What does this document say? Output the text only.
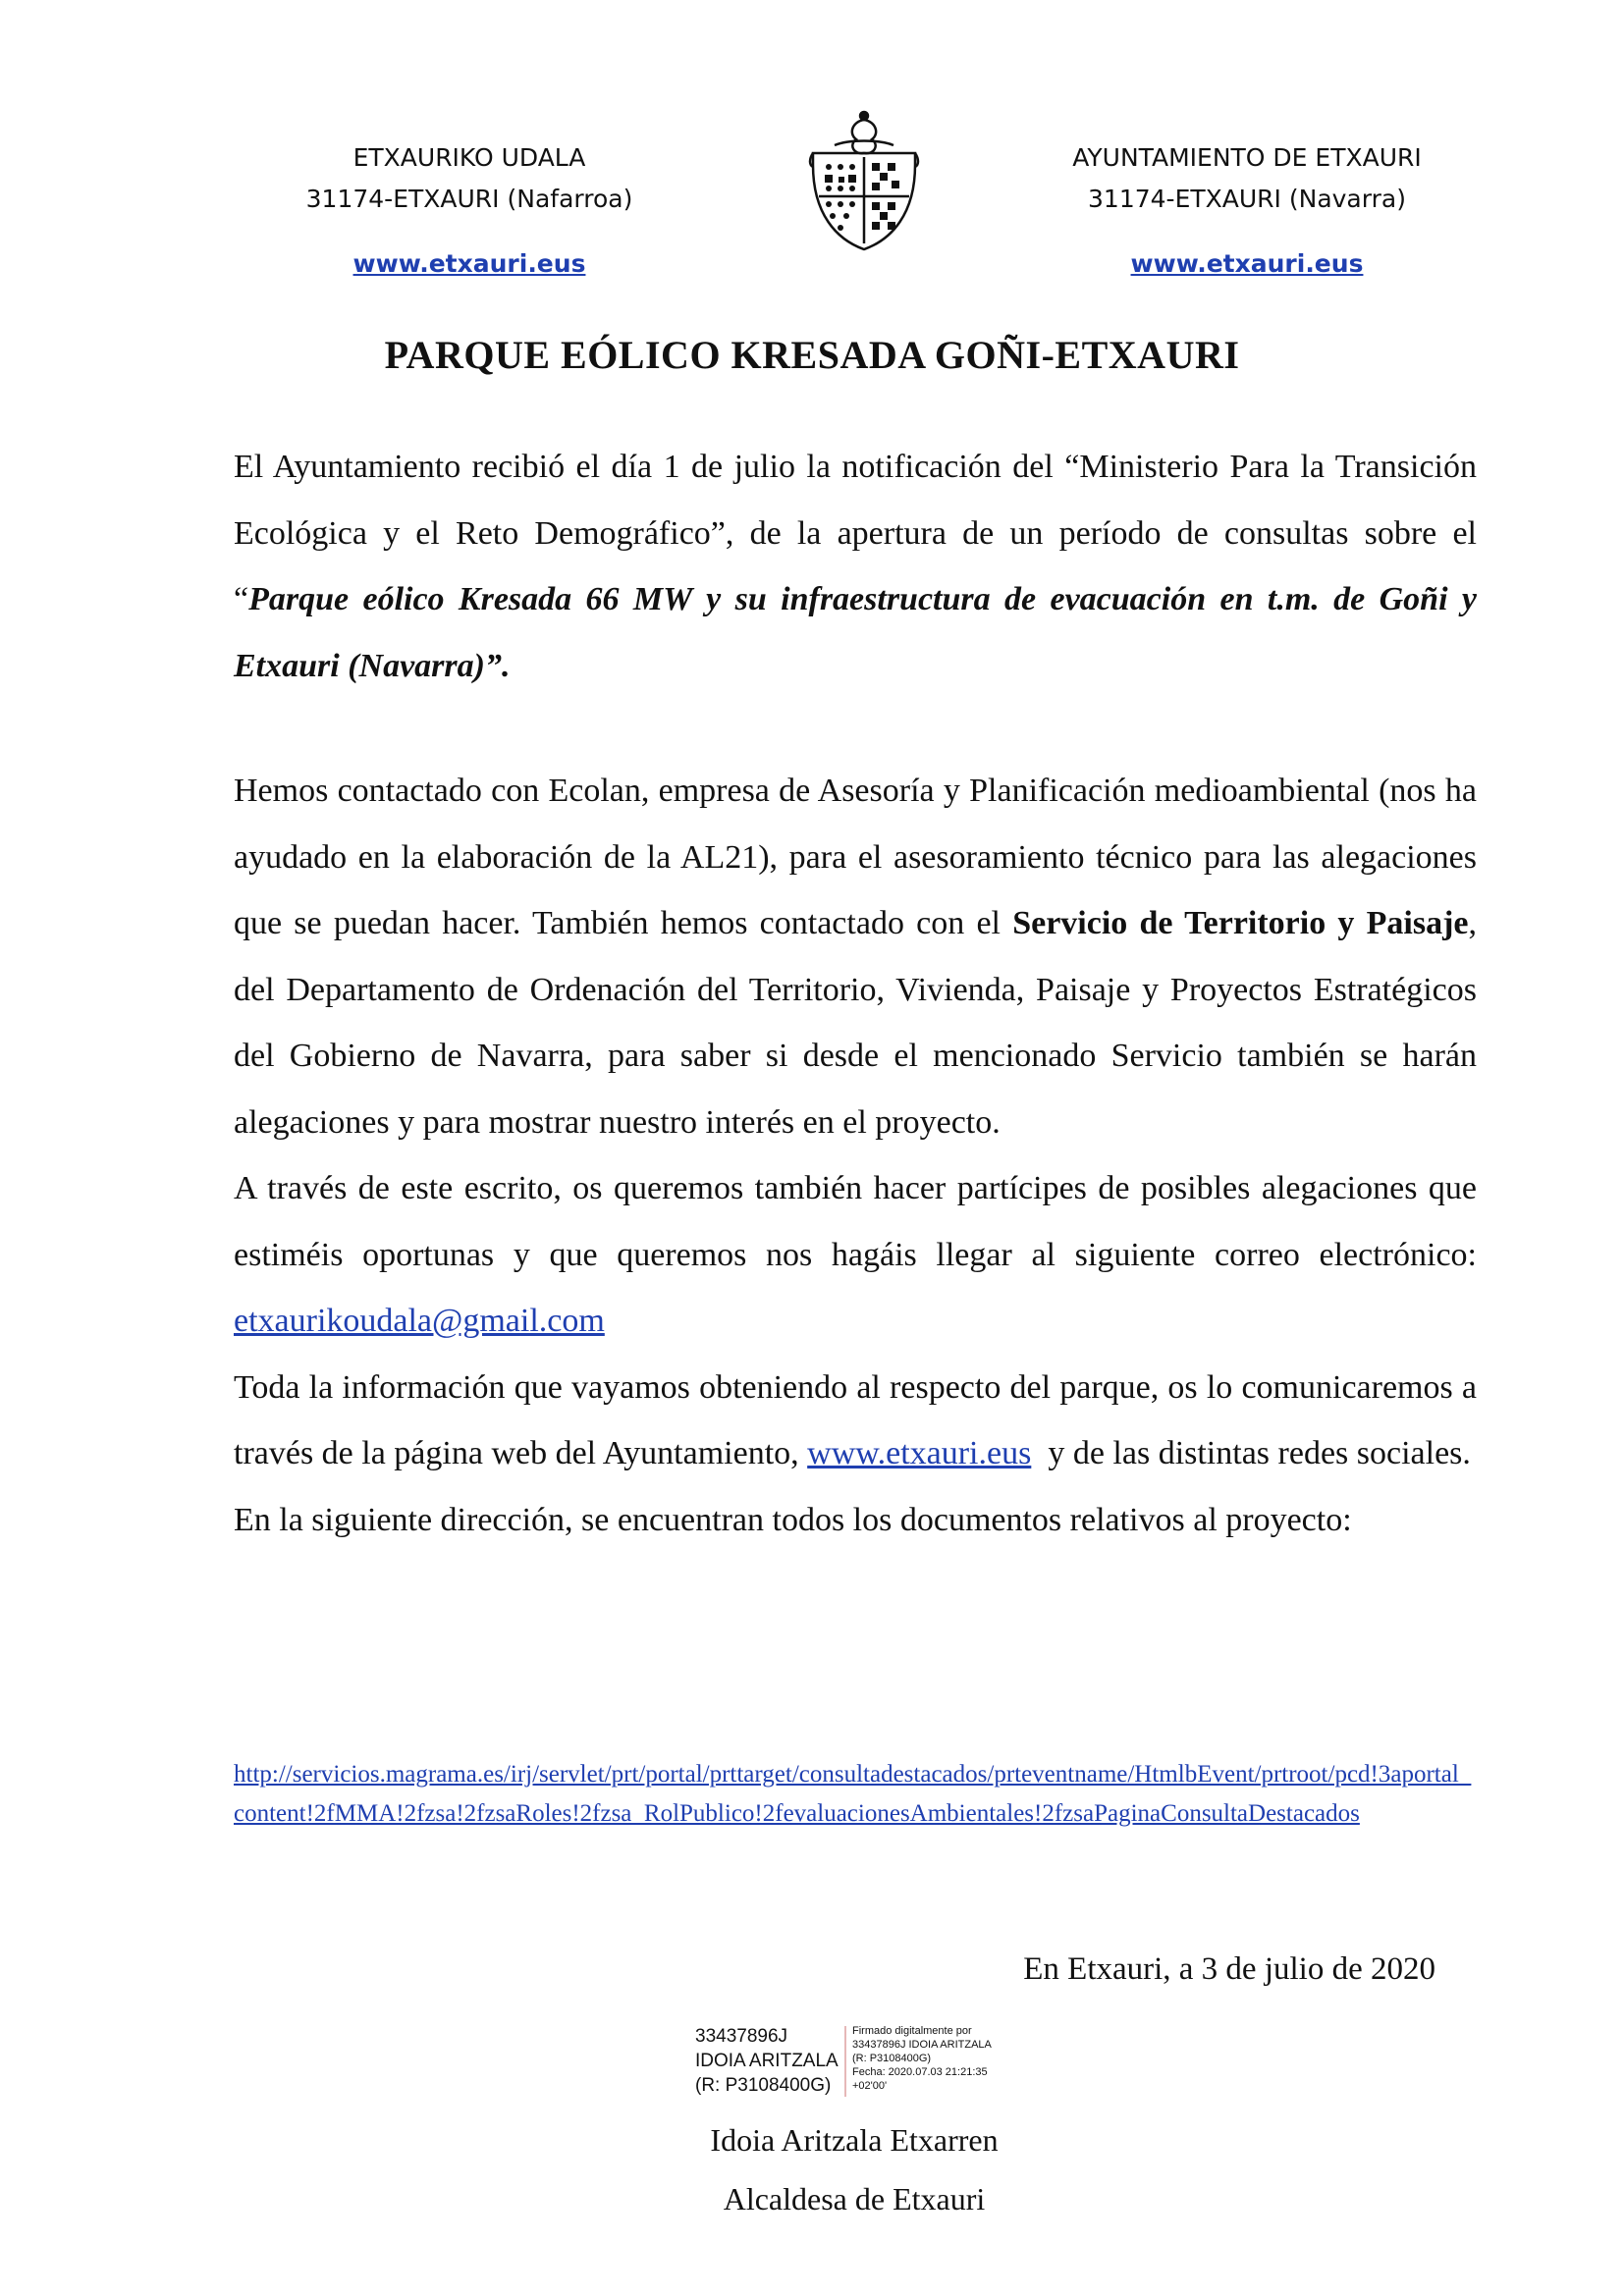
ETXAURIKO UDALA
31174-ETXAURI (Nafarroa)
www.etxauri.eus
AYUNTAMIENTO DE ETXAURI
31174-ETXAURI (Navarra)
www.etxauri.eus
PARQUE EÓLICO KRESADA GOÑI-ETXAURI

El Ayuntamiento recibió el día 1 de julio la notificación del “Ministerio Para la Transición Ecológica y el Reto Demográfico”, de la apertura de un período de consultas sobre el “Parque eólico Kresada 66 MW y su infraestructura de evacuación en t.m. de Goñi y Etxauri (Navarra)”.

Hemos contactado con Ecolan, empresa de Asesoría y Planificación medioambiental (nos ha ayudado en la elaboración de la AL21), para el asesoramiento técnico para las alegaciones que se puedan hacer. También hemos contactado con el Servicio de Territorio y Paisaje, del Departamento de Ordenación del Territorio, Vivienda, Paisaje y Proyectos Estratégicos del Gobierno de Navarra, para saber si desde el mencionado Servicio también se harán alegaciones y para mostrar nuestro interés en el proyecto.

A través de este escrito, os queremos también hacer partícipes de posibles alegaciones que estiméis oportunas y que queremos nos hagáis llegar al siguiente correo electrónico: etxaurikoudala@gmail.com

Toda la información que vayamos obteniendo al respecto del parque, os lo comunicaremos a través de la página web del Ayuntamiento, www.etxauri.eus  y de las distintas redes sociales.

En la siguiente dirección, se encuentran todos los documentos relativos al proyecto:

http://servicios.magrama.es/irj/servlet/prt/portal/prttarget/consultadestacados/prteventname/HtmlbEvent/prtroot/pcd!3aportal_content!2fMMA!2fzsa!2fzsaRoles!2fzsa_RolPublico!2fevaluacionesAmbientales!2fzsaPaginaConsultaDestacados
En Etxauri, a 3 de julio de 2020
33437896J
IDOIA ARITZALA
(R: P3108400G)
Firmado digitalmente por
33437896J IDOIA ARITZALA
(R: P3108400G)
Fecha: 2020.07.03 21:21:35
+02'00'
Idoia Aritzala Etxarren
Alcaldesa de Etxauri
